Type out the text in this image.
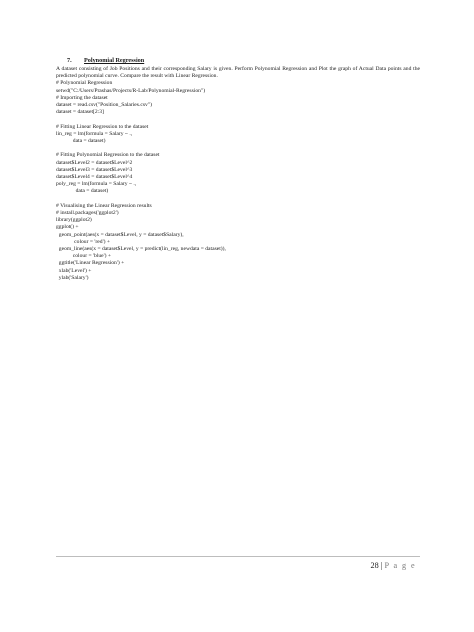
7.	Polynomial Regression

A dataset consisting of Job Positions and their corresponding Salary is given. Perform Polynomial Regression and Plot the graph of Actual Data points and the predicted polynomial curve. Compare the result with Linear Regression.

# Polynomial Regression
setwd("C:/Users/Prashas/Projects/R-Lab/Polynomial-Regression")
# Importing the dataset
dataset = read.csv("Position_Salaries.csv")
dataset = dataset[2:3]
# Fitting Linear Regression to the dataset
lin_reg = lm(formula = Salary ~ .,
data = dataset)
# Fitting Polynomial Regression to the dataset
dataset$Level2 = dataset$Level^2
dataset$Level3 = dataset$Level^3
dataset$Level4 = dataset$Level^4
poly_reg = lm(formula = Salary ~ .,
data = dataset)
# Visualising the Linear Regression results
# install.packages('ggplot2')
library(ggplot2)
ggplot() +
geom_point(aes(x = dataset$Level, y = dataset$Salary),
colour = 'red') +
geom_line(aes(x = dataset$Level, y = predict(lin_reg, newdata = dataset)),
colour = 'blue') +
ggtitle('Linear Regression') +
xlab('Level') +
ylab('Salary')
28 | P a g e
